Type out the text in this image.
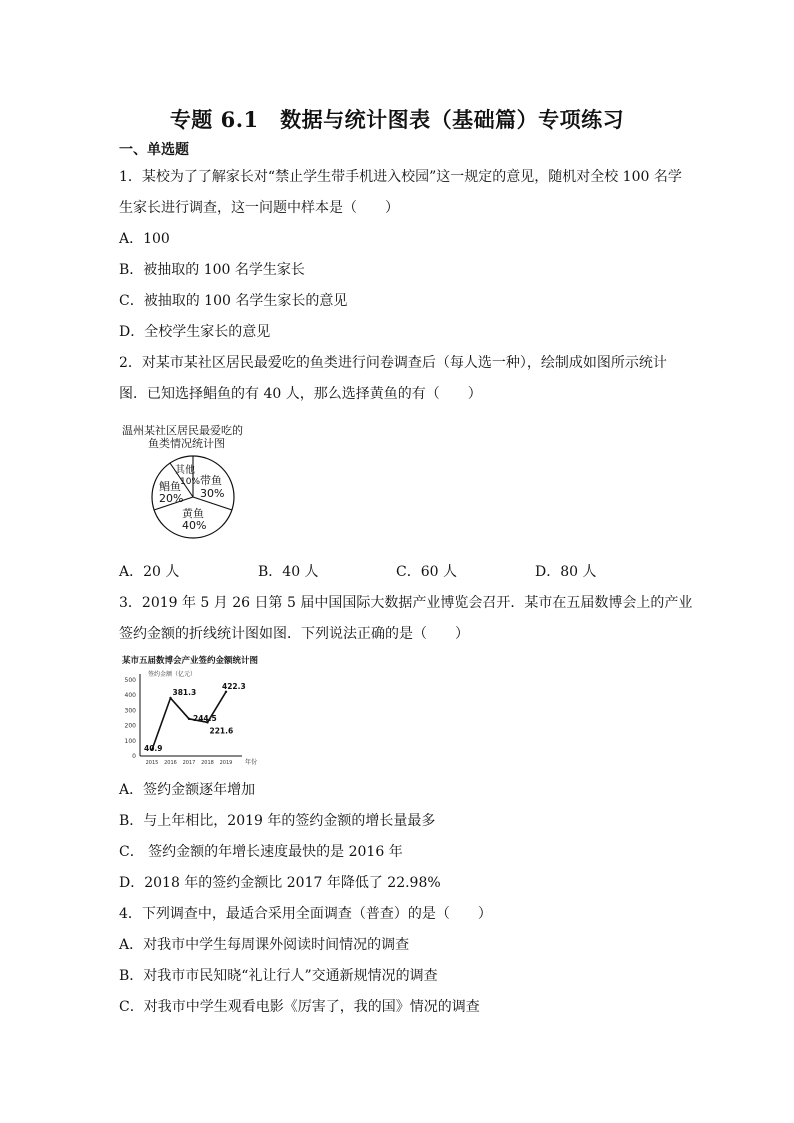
专题 6.1　数据与统计图表（基础篇）专项练习
一、单选题
1．某校为了了解家长对“禁止学生带手机进入校园”这一规定的意见，随机对全校 100 名学
生家长进行调查，这一问题中样本是（　　）
A．100
B．被抽取的 100 名学生家长
C．被抽取的 100 名学生家长的意见
D．全校学生家长的意见
2．对某市某社区居民最爱吃的鱼类进行问卷调查后（每人选一种），绘制成如图所示统计
图．已知选择鲳鱼的有 40 人，那么选择黄鱼的有（　　）
温州某社区居民最爱吃的
鱼类情况统计图
其他
10%
鲳鱼
20%
带鱼
30%
黄鱼
40%
A．20 人	B．40 人	C．60 人	D．80 人
3．2019 年 5 月 26 日第 5 届中国国际大数据产业博览会召开．某市在五届数博会上的产业
签约金额的折线统计图如图．下列说法正确的是（　　）
某市五届数博会产业签约金额统计图
签约金额（亿元）
年份
0
100
200
300
400
500
2015 2016 2017 2018 2019
40.9
381.3
244.5
221.6
422.3
A．签约金额逐年增加
B．与上年相比，2019 年的签约金额的增长量最多
C． 签约金额的年增长速度最快的是 2016 年
D．2018 年的签约金额比 2017 年降低了 22.98%
4．下列调查中，最适合采用全面调查（普查）的是（　　）
A．对我市中学生每周课外阅读时间情况的调查
B．对我市市民知晓“礼让行人”交通新规情况的调查
C．对我市中学生观看电影《厉害了，我的国》情况的调查
